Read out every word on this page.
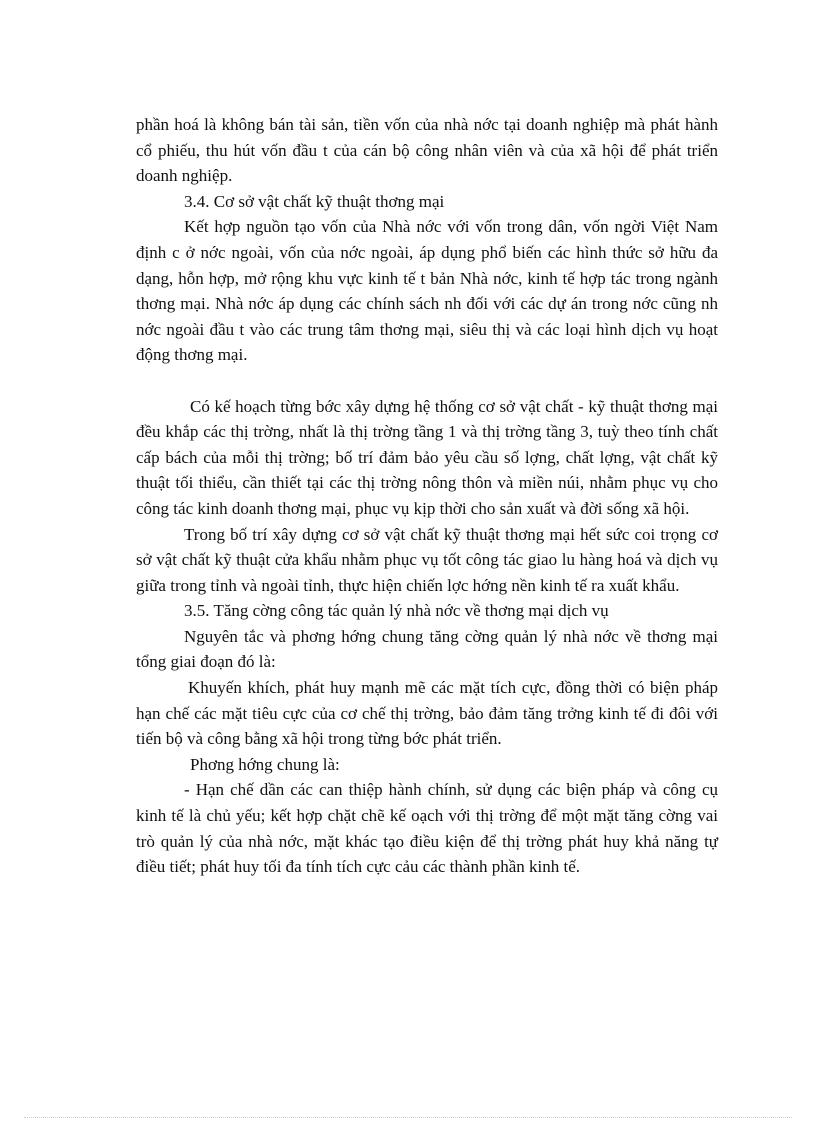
phần hoá là không bán tài sản, tiền vốn của nhà nớc tại doanh nghiệp mà phát hành cổ phiếu, thu hút vốn đầu t của cán bộ công nhân viên và của xã hội để phát triển doanh nghiệp.

3.4. Cơ sở vật chất kỹ thuật thơng mại

Kết hợp nguồn tạo vốn của Nhà nớc với vốn trong dân, vốn ngời Việt Nam định c ở nớc ngoài, vốn của nớc ngoài, áp dụng phổ biến các hình thức sở hữu đa dạng, hỗn hợp, mở rộng khu vực kinh tế t bản Nhà nớc, kinh tế hợp tác trong ngành thơng mại. Nhà nớc áp dụng các chính sách nh đối với các dự án trong nớc cũng nh nớc ngoài đầu t vào các trung tâm thơng mại, siêu thị và các loại hình dịch vụ hoạt động thơng mại.

Có kế hoạch từng bớc xây dựng hệ thống cơ sở vật chất - kỹ thuật thơng mại đều khắp các thị trờng, nhất là thị trờng tầng 1 và thị trờng tầng 3, tuỳ theo tính chất cấp bách của mỗi thị trờng; bố trí đảm bảo yêu cầu số lợng, chất lợng, vật chất kỹ thuật tối thiểu, cần thiết tại các thị trờng nông thôn và miền núi, nhằm phục vụ cho công tác kinh doanh thơng mại, phục vụ kịp thời cho sản xuất và đời sống xã hội.

Trong bố trí xây dựng cơ sở vật chất kỹ thuật thơng mại hết sức coi trọng cơ sở vật chất kỹ thuật cửa khẩu nhằm phục vụ tốt công tác giao lu hàng hoá và dịch vụ giữa trong tỉnh và ngoài tỉnh, thực hiện chiến lợc hớng nền kinh tế ra xuất khẩu.

3.5. Tăng cờng công tác quản lý nhà nớc về thơng mại dịch vụ

Nguyên tắc và phơng hớng chung tăng cờng quản lý nhà nớc về thơng mại tổng giai đoạn đó là:

Khuyến khích, phát huy mạnh mẽ các mặt tích cực, đồng thời có biện pháp hạn chế các mặt tiêu cực của cơ chế thị trờng, bảo đảm tăng trởng kinh tế đi đôi với tiến bộ và công bằng xã hội trong từng bớc phát triển.

Phơng hớng chung là:

- Hạn chế dần các can thiệp hành chính, sử dụng các biện pháp và công cụ kinh tế là chủ yếu; kết hợp chặt chẽ kế oạch với thị trờng để một mặt tăng cờng vai trò quản lý của nhà nớc, mặt khác tạo điều kiện để thị trờng phát huy khả năng tự điều tiết; phát huy tối đa tính tích cực cảu các thành phần kinh tế.
